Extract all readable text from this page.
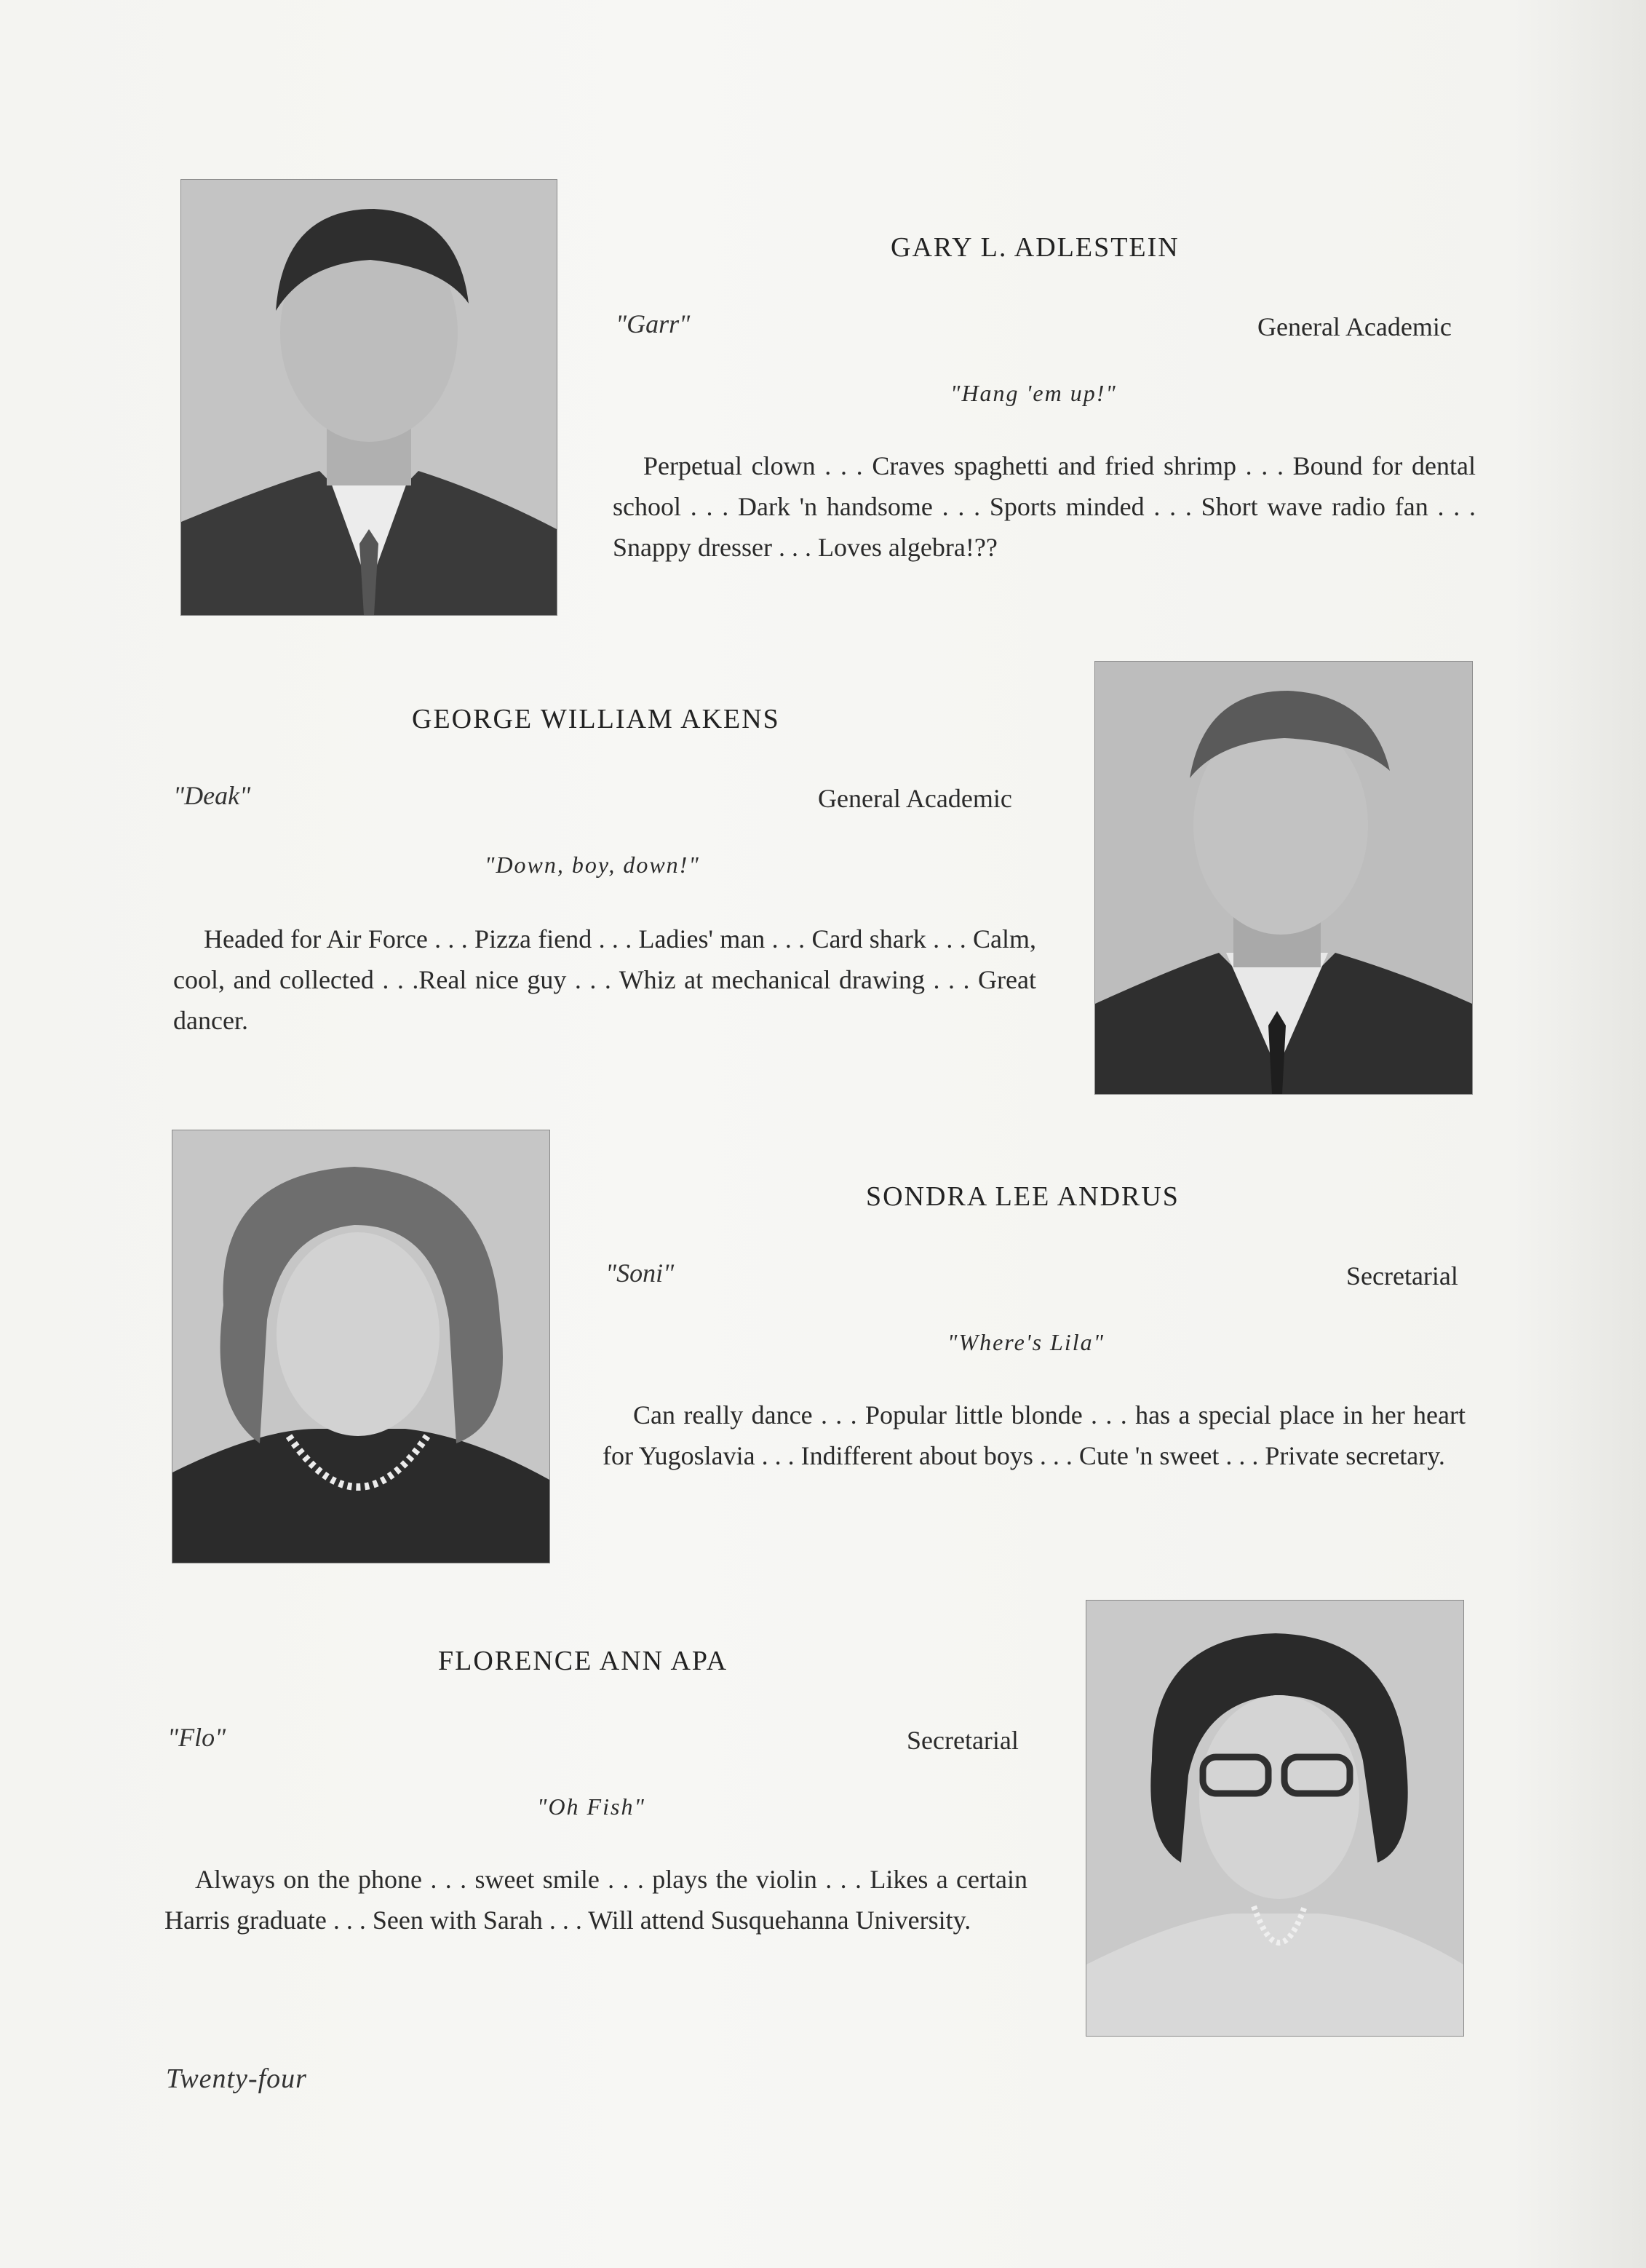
GARY L. ADLESTEIN
"Garr"	General Academic
"Hang 'em up!"
Perpetual clown . . . Craves spaghetti and fried shrimp . . . Bound for dental school . . . Dark 'n handsome . . . Sports minded . . . Short wave radio fan . . . Snappy dresser . . . Loves algebra!??
GEORGE WILLIAM AKENS
"Deak"	General Academic
"Down, boy, down!"
Headed for Air Force . . . Pizza fiend . . . Ladies' man . . . Card shark . . . Calm, cool, and collected . . .Real nice guy . . . Whiz at mechanical drawing . . . Great dancer.
SONDRA LEE ANDRUS
"Soni"	Secretarial
"Where's Lila"
Can really dance . . . Popular little blonde . . . has a special place in her heart for Yugoslavia . . . Indifferent about boys . . . Cute 'n sweet . . . Private secretary.
FLORENCE ANN APA
"Flo"	Secretarial
"Oh Fish"
Always on the phone . . . sweet smile . . . plays the violin . . . Likes a certain Harris graduate . . . Seen with Sarah . . . Will attend Susquehanna University.
Twenty-four
